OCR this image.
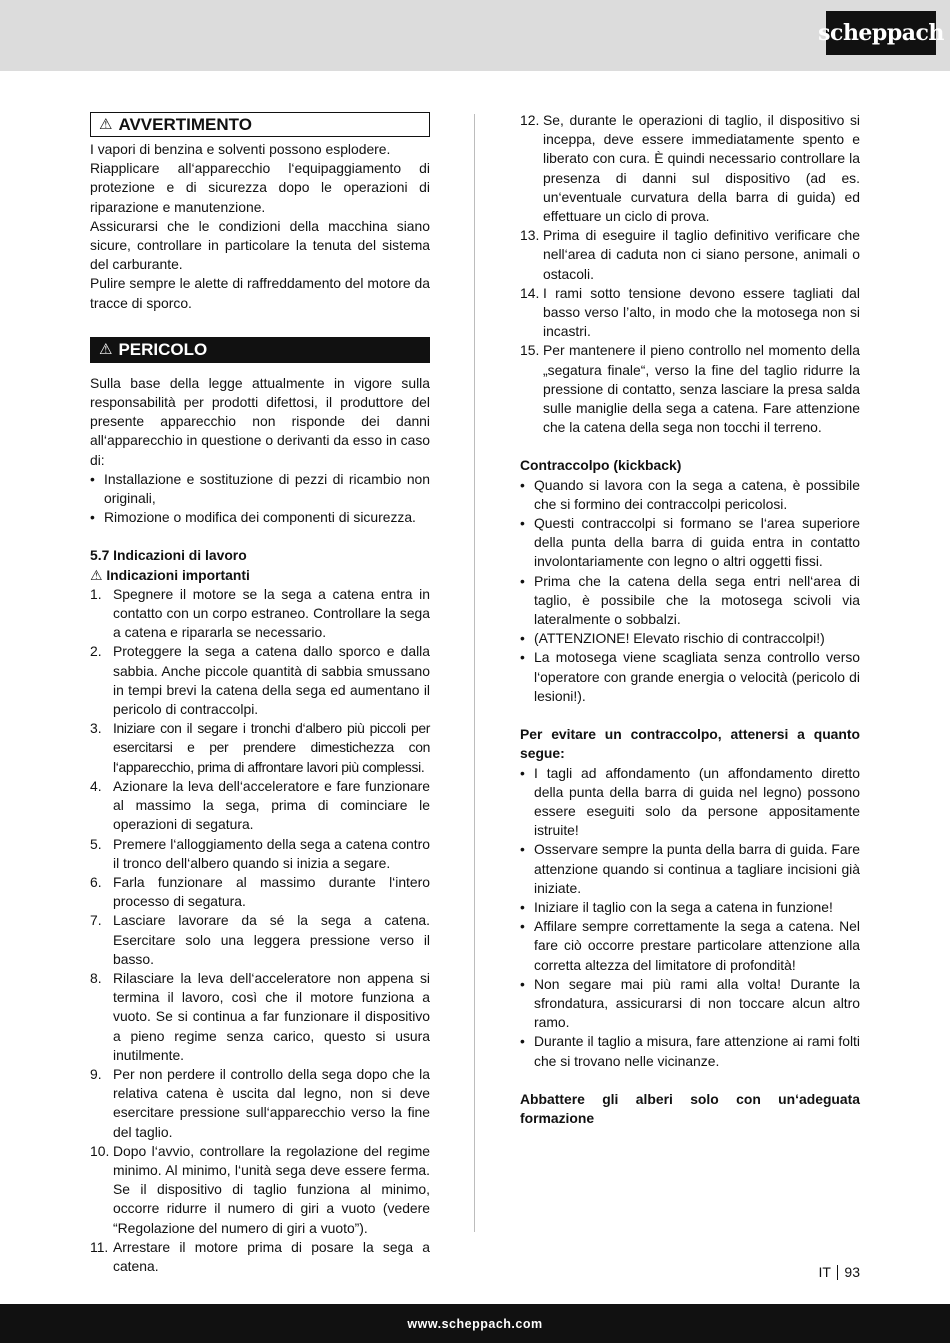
scheppach
⚠ AVVERTIMENTO

I vapori di benzina e solventi possono esplodere.

Riapplicare all‘apparecchio l‘equipaggiamento di protezione e di sicurezza dopo le operazioni di riparazione e manutenzione.

Assicurarsi che le condizioni della macchina siano sicure, controllare in particolare la tenuta del sistema del carburante.

Pulire sempre le alette di raffreddamento del motore da tracce di sporco.

⚠ PERICOLO

Sulla base della legge attualmente in vigore sulla responsabilità per prodotti difettosi, il produttore del presente apparecchio non risponde dei danni all‘apparecchio in questione o derivanti da esso in caso di:

• Installazione e sostituzione di pezzi di ricambio non originali,
• Rimozione o modifica dei componenti di sicurezza.

5.7 Indicazioni di lavoro

⚠ Indicazioni importanti

1. Spegnere il motore se la sega a catena entra in contatto con un corpo estraneo. Controllare la sega a catena e ripararla se necessario.
2. Proteggere la sega a catena dallo sporco e dalla sabbia. Anche piccole quantità di sabbia smussano in tempi brevi la catena della sega ed aumentano il pericolo di contraccolpi.
3. Iniziare con il segare i tronchi d‘albero più piccoli per esercitarsi e per prendere dimestichezza con l‘apparecchio, prima di affrontare lavori più complessi.
4. Azionare la leva dell‘acceleratore e fare funzionare al massimo la sega, prima di cominciare le operazioni di segatura.
5. Premere l‘alloggiamento della sega a catena contro il tronco dell‘albero quando si inizia a segare.
6. Farla funzionare al massimo durante l‘intero processo di segatura.
7. Lasciare lavorare da sé la sega a catena. Esercitare solo una leggera pressione verso il basso.
8. Rilasciare la leva dell‘acceleratore non appena si termina il lavoro, così che il motore funziona a vuoto. Se si continua a far funzionare il dispositivo a pieno regime senza carico, questo si usura inutilmente.
9. Per non perdere il controllo della sega dopo che la relativa catena è uscita dal legno, non si deve esercitare pressione sull‘apparecchio verso la fine del taglio.
10. Dopo l‘avvio, controllare la regolazione del regime minimo. Al minimo, l‘unità sega deve essere ferma. Se il dispositivo di taglio funziona al minimo, occorre ridurre il numero di giri a vuoto (vedere “Regolazione del numero di giri a vuoto”).
11. Arrestare il motore prima di posare la sega a catena.
12. Se, durante le operazioni di taglio, il dispositivo si inceppa, deve essere immediatamente spento e liberato con cura. È quindi necessario controllare la presenza di danni sul dispositivo (ad es. un‘eventuale curvatura della barra di guida) ed effettuare un ciclo di prova.
13. Prima di eseguire il taglio definitivo verificare che nell‘area di caduta non ci siano persone, animali o ostacoli.
14. I rami sotto tensione devono essere tagliati dal basso verso l’alto, in modo che la motosega non si incastri.
15. Per mantenere il pieno controllo nel momento della „segatura finale“, verso la fine del taglio ridurre la pressione di contatto, senza lasciare la presa salda sulle maniglie della sega a catena. Fare attenzione che la catena della sega non tocchi il terreno.

Contraccolpo (kickback)

• Quando si lavora con la sega a catena, è possibile che si formino dei contraccolpi pericolosi.
• Questi contraccolpi si formano se l‘area superiore della punta della barra di guida entra in contatto involontariamente con legno o altri oggetti fissi.
• Prima che la catena della sega entri nell‘area di taglio, è possibile che la motosega scivoli via lateralmente o sobbalzi.
• (ATTENZIONE! Elevato rischio di contraccolpi!)
• La motosega viene scagliata senza controllo verso l‘operatore con grande energia o velocità (pericolo di lesioni!).

Per evitare un contraccolpo, attenersi a quanto segue:

• I tagli ad affondamento (un affondamento diretto della punta della barra di guida nel legno) possono essere eseguiti solo da persone appositamente istruite!
• Osservare sempre la punta della barra di guida. Fare attenzione quando si continua a tagliare incisioni già iniziate.
• Iniziare il taglio con la sega a catena in funzione!
• Affilare sempre correttamente la sega a catena. Nel fare ciò occorre prestare particolare attenzione alla corretta altezza del limitatore di profondità!
• Non segare mai più rami alla volta! Durante la sfrondatura, assicurarsi di non toccare alcun altro ramo.
• Durante il taglio a misura, fare attenzione ai rami folti che si trovano nelle vicinanze.

Abbattere gli alberi solo con un‘adeguata formazione

IT 93
www.scheppach.com
